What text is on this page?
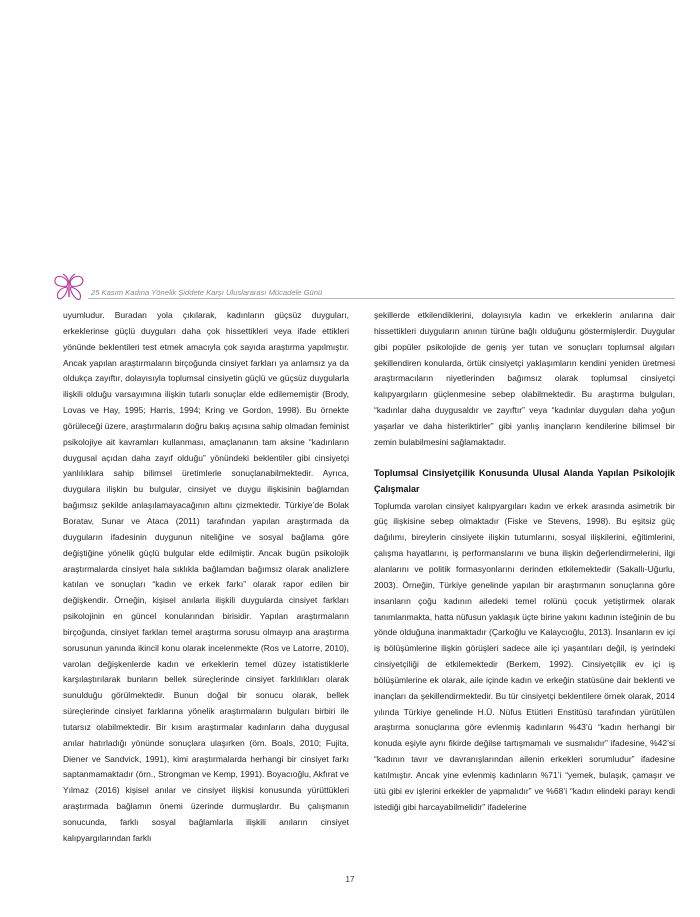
25 Kasım Kadına Yönelik Şiddete Karşı Uluslararası Mücadele Günü

uyumludur. Buradan yola çıkılarak, kadınların güçsüz duyguları, erkeklerinse güçlü duyguları daha çok hissettikleri veya ifade ettikleri yönünde beklentileri test etmek amacıyla çok sayıda araştırma yapılmıştır. Ancak yapılan araştırmaların birçoğunda cinsiyet farkları ya anlamsız ya da oldukça zayıftır, dolayısıyla toplumsal cinsiyetin güçlü ve güçsüz duygularla ilişkili olduğu varsayımına ilişkin tutarlı sonuçlar elde edilememiştir (Brody, Lovas ve Hay, 1995; Harris, 1994; Kring ve Gordon, 1998). Bu örnekte görüleceği üzere, araştırmaların doğru bakış açısına sahip olmadan feminist psikolojiye ait kavramları kullanması, amaçlananın tam aksine “kadınların duygusal açıdan daha zayıf olduğu” yönündeki beklentiler gibi cinsiyetçi yanlılıklara sahip bilimsel üretimlerle sonuçlanabilmektedir. Ayrıca, duygulara ilişkin bu bulgular, cinsiyet ve duygu ilişkisinin bağlamdan bağımsız şekilde anlaşılamayacağının altını çizmektedir. Türkiye’de Bolak Boratav, Sunar ve Ataca (2011) tarafından yapılan araştırmada da duyguların ifadesinin duygunun niteliğine ve sosyal bağlama göre değiştiğine yönelik güçlü bulgular elde edilmiştir. Ancak bugün psikolojik araştırmalarda cinsiyet hala sıklıkla bağlamdan bağımsız olarak analizlere katılan ve sonuçları “kadın ve erkek farkı” olarak rapor edilen bir değişkendir. Örneğin, kişisel anılarla ilişkili duygularda cinsiyet farkları psikolojinin en güncel konularından birisidir. Yapılan araştırmaların birçoğunda, cinsiyet farkları temel araştırma sorusu olmayıp ana araştırma sorusunun yanında ikincil konu olarak incelenmekte (Ros ve Latorre, 2010), varolan değişkenlerde kadın ve erkeklerin temel düzey istatistiklerle karşılaştırılarak bunların bellek süreçlerinde cinsiyet farklılıkları olarak sunulduğu görülmektedir. Bunun doğal bir sonucu olarak, bellek süreçlerinde cinsiyet farklarına yönelik araştırmaların bulguları birbiri ile tutarsız olabilmektedir. Bir kısım araştırmalar kadınların daha duygusal anılar hatırladığı yönünde sonuçlara ulaşırken (örn. Boals, 2010; Fujita, Diener ve Sandvick, 1991), kimi araştırmalarda herhangi bir cinsiyet farkı saptanmamaktadır (örn., Strongman ve Kemp, 1991). Boyacıoğlu, Akfırat ve Yılmaz (2016) kişisel anılar ve cinsiyet ilişkisi konusunda yürüttükleri araştırmada bağlamın önemi üzerinde durmuşlardır. Bu çalışmanın sonucunda, farklı sosyal bağlamlarla ilişkili anıların cinsiyet kalıpyargılarından farklı

şekillerde etkilendiklerini, dolayısıyla kadın ve erkeklerin anılarına dair hissettikleri duyguların anının türüne bağlı olduğunu göstermişlerdir. Duygular gibi popüler psikolojide de geniş yer tutan ve sonuçları toplumsal algıları şekillendiren konularda, örtük cinsiyetçi yaklaşımların kendini yeniden üretmesi araştırmacıların niyetlerinden bağımsız olarak toplumsal cinsiyetçi kalıpyargıların güçlenmesine sebep olabilmektedir. Bu araştırma bulguları, “kadınlar daha duygusaldır ve zayıftır” veya “kadınlar duyguları daha yoğun yaşarlar ve daha histeriktirler” gibi yanlış inançların kendilerine bilimsel bir zemin bulabilmesini sağlamaktadır.

Toplumsal Cinsiyetçilik Konusunda Ulusal Alanda Yapılan Psikolojik Çalışmalar

Toplumda varolan cinsiyet kalıpyargıları kadın ve erkek arasında asimetrik bir güç ilişkisine sebep olmaktadır (Fiske ve Stevens, 1998). Bu eşitsiz güç dağılımı, bireylerin cinsiyete ilişkin tutumlarını, sosyal ilişkilerini, eğitimlerini, çalışma hayatlarını, iş performanslarını ve buna ilişkin değerlendirmelerini, ilgi alanlarını ve politik formasyonlarını derinden etkilemektedir (Sakallı-Uğurlu, 2003). Örneğin, Türkiye genelinde yapılan bir araştırmanın sonuçlarına göre insanların çoğu kadının ailedeki temel rolünü çocuk yetiştirmek olarak tanımlanmakta, hatta nüfusun yaklaşık üçte birine yakını kadının isteğinin de bu yönde olduğuna inanmaktadır (Çarkoğlu ve Kalaycıoğlu, 2013). İnsanların ev içi iş bölüşümlerine ilişkin görüşleri sadece aile içi yaşantıları değil, iş yerindeki cinsiyetçiliği de etkilemektedir (Berkem, 1992). Cinsiyetçilik ev içi iş bölüşümlerine ek olarak, aile içinde kadın ve erkeğin statüsüne dair beklenti ve inançları da şekillendirmektedir. Bu tür cinsiyetçi beklentilere örnek olarak, 2014 yılında Türkiye genelinde H.Ü. Nüfus Etütleri Enstitüsü tarafından yürütülen araştırma sonuçlarına göre evlenmiş kadınların %43’ü “kadın herhangi bir konuda eşiyle aynı fikirde değilse tartışmamalı ve susmalıdır” ifadesine, %42’si “kadının tavır ve davranışlarından ailenin erkekleri sorumludur” ifadesine katılmıştır. Ancak yine evlenmiş kadınların %71’i “yemek, bulaşık, çamaşır ve ütü gibi ev işlerini erkekler de yapmalıdır” ve %68’i “kadın elindeki parayı kendi istediği gibi harcayabilmelidir” ifadelerine

17
